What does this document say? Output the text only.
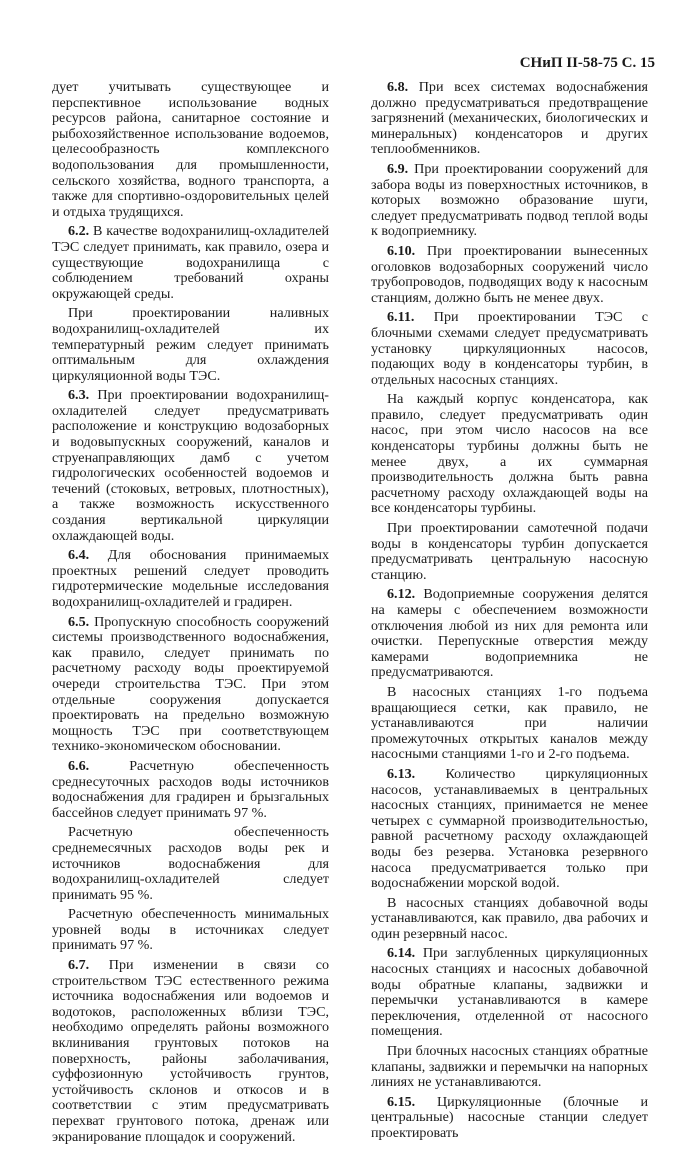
СНиП II-58-75 С. 15

дует учитывать существующее и перспективное использование водных ресурсов района, санитарное состояние и рыбохозяйственное использование водоемов, целесообразность комплексного водопользования для промышленности, сельского хозяйства, водного транспорта, а также для спортивно-оздоровительных целей и отдыха трудящихся.

6.2. В качестве водохранилищ-охладителей ТЭС следует принимать, как правило, озера и существующие водохранилища с соблюдением требований охраны окружающей среды.

При проектировании наливных водохранилищ-охладителей их температурный режим следует принимать оптимальным для охлаждения циркуляционной воды ТЭС.

6.3. При проектировании водохранилищ-охладителей следует предусматривать расположение и конструкцию водозаборных и водовыпускных сооружений, каналов и струенаправляющих дамб с учетом гидрологических особенностей водоемов и течений (стоковых, ветровых, плотностных), а также возможность искусственного создания вертикальной циркуляции охлаждающей воды.

6.4. Для обоснования принимаемых проектных решений следует проводить гидротермические модельные исследования водохранилищ-охладителей и градирен.

6.5. Пропускную способность сооружений системы производственного водоснабжения, как правило, следует принимать по расчетному расходу воды проектируемой очереди строительства ТЭС. При этом отдельные сооружения допускается проектировать на предельно возможную мощность ТЭС при соответствующем технико-экономическом обосновании.

6.6. Расчетную обеспеченность среднесуточных расходов воды источников водоснабжения для градирен и брызгальных бассейнов следует принимать 97 %.

Расчетную обеспеченность среднемесячных расходов воды рек и источников водоснабжения для водохранилищ-охладителей следует принимать 95 %.

Расчетную обеспеченность минимальных уровней воды в источниках следует принимать 97 %.

6.7. При изменении в связи со строительством ТЭС естественного режима источника водоснабжения или водоемов и водотоков, расположенных вблизи ТЭС, необходимо определять районы возможного вклинивания грунтовых потоков на поверхность, районы заболачивания, суффозионную устойчивость грунтов, устойчивость склонов и откосов и в соответствии с этим предусматривать перехват грунтового потока, дренаж или экранирование площадок и сооружений.

6.8. При всех системах водоснабжения должно предусматриваться предотвращение загрязнений (механических, биологических и минеральных) конденсаторов и других теплообменников.

6.9. При проектировании сооружений для забора воды из поверхностных источников, в которых возможно образование шуги, следует предусматривать подвод теплой воды к водоприемнику.

6.10. При проектировании вынесенных оголовков водозаборных сооружений число трубопроводов, подводящих воду к насосным станциям, должно быть не менее двух.

6.11. При проектировании ТЭС с блочными схемами следует предусматривать установку циркуляционных насосов, подающих воду в конденсаторы турбин, в отдельных насосных станциях.

На каждый корпус конденсатора, как правило, следует предусматривать один насос, при этом число насосов на все конденсаторы турбины должны быть не менее двух, а их суммарная производительность должна быть равна расчетному расходу охлаждающей воды на все конденсаторы турбины.

При проектировании самотечной подачи воды в конденсаторы турбин допускается предусматривать центральную насосную станцию.

6.12. Водоприемные сооружения делятся на камеры с обеспечением возможности отключения любой из них для ремонта или очистки. Перепускные отверстия между камерами водоприемника не предусматриваются.

В насосных станциях 1-го подъема вращающиеся сетки, как правило, не устанавливаются при наличии промежуточных открытых каналов между насосными станциями 1-го и 2-го подъема.

6.13. Количество циркуляционных насосов, устанавливаемых в центральных насосных станциях, принимается не менее четырех с суммарной производительностью, равной расчетному расходу охлаждающей воды без резерва. Установка резервного насоса предусматривается только при водоснабжении морской водой.

В насосных станциях добавочной воды устанавливаются, как правило, два рабочих и один резервный насос.

6.14. При заглубленных циркуляционных насосных станциях и насосных добавочной воды обратные клапаны, задвижки и перемычки устанавливаются в камере переключения, отделенной от насосного помещения.

При блочных насосных станциях обратные клапаны, задвижки и перемычки на напорных линиях не устанавливаются.

6.15. Циркуляционные (блочные и центральные) насосные станции следует проектировать
